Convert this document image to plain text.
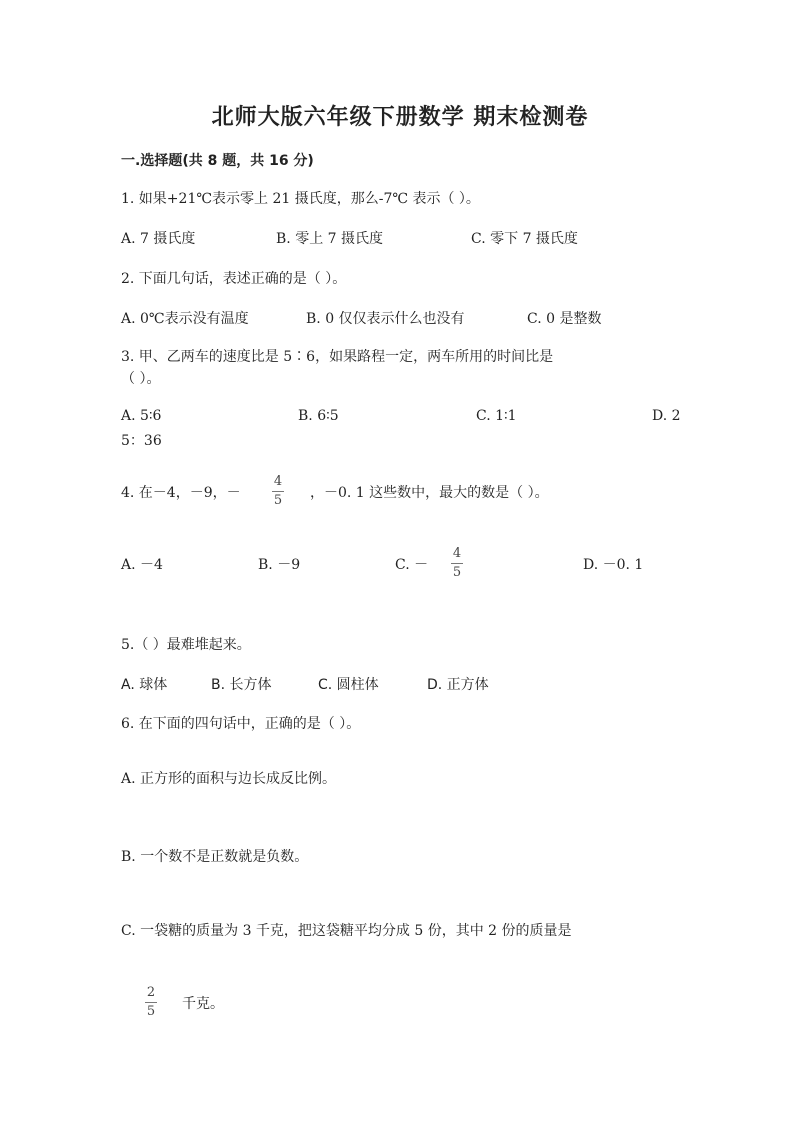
北师大版六年级下册数学 期末检测卷
一.选择题(共 8 题，共 16 分)
1. 如果+21℃表示零上 21 摄氏度，那么-7℃ 表示（ ）。
A. 7 摄氏度	B. 零上 7 摄氏度	C. 零下 7 摄氏度
2. 下面几句话，表述正确的是（ ）。
A. 0℃表示没有温度	B. 0 仅仅表示什么也没有	C. 0 是整数
3. 甲、乙两车的速度比是 5∶6，如果路程一定，两车所用的时间比是
（ ）。
A. 5∶6	B. 6∶5	C. 1∶1	D. 2
5：36
4. 在－4，－9，－
4
5 ，－0. 1 这些数中，最大的数是（ ）。
A. －4	B. －9	C. －
4
5	D. －0. 1
5.（ ）最难堆起来。
A. 球体	B. 长方体	C. 圆柱体	D. 正方体
6. 在下面的四句话中，正确的是（ ）。
A. 正方形的面积与边长成反比例。
B. 一个数不是正数就是负数。
C. 一袋糖的质量为 3 千克，把这袋糖平均分成 5 份，其中 2 份的质量是
2
5 千克。
